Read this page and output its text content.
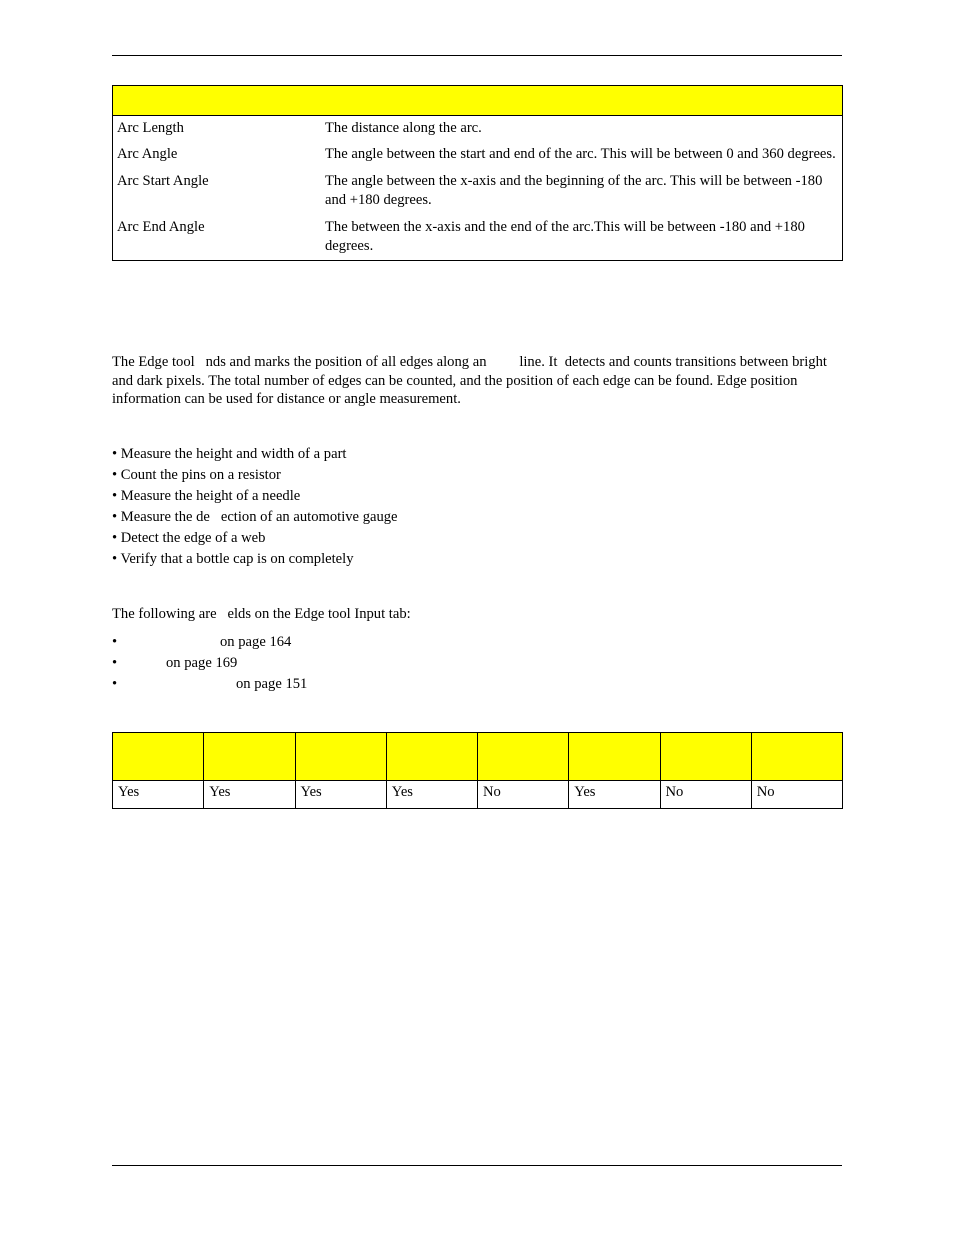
Arc Length	The distance along the arc.
Arc Angle	The angle between the start and end of the arc. This will be between 0 and 360 degrees.
Arc Start Angle	The angle between the x-axis and the beginning of the arc. This will be between -180 and +180 degrees.
Arc End Angle	The between the x-axis and the end of the arc.This will be between -180 and +180 degrees.

The Edge tool   nds and marks the position of all edges along an         line. It  detects and counts transitions between bright and dark pixels. The total number of edges can be counted, and the position of each edge can be found. Edge position information can be used for distance or angle measurement.

• Measure the height and width of a part
• Count the pins on a resistor
• Measure the height of a needle
• Measure the de   ection of an automotive gauge
• Detect the edge of a web
• Verify that a bottle cap is on completely

The following are   elds on the Edge tool Input tab:

•	on page 164
•	on page 169
•	on page 151

Yes	Yes	Yes	Yes	No	Yes	No	No
